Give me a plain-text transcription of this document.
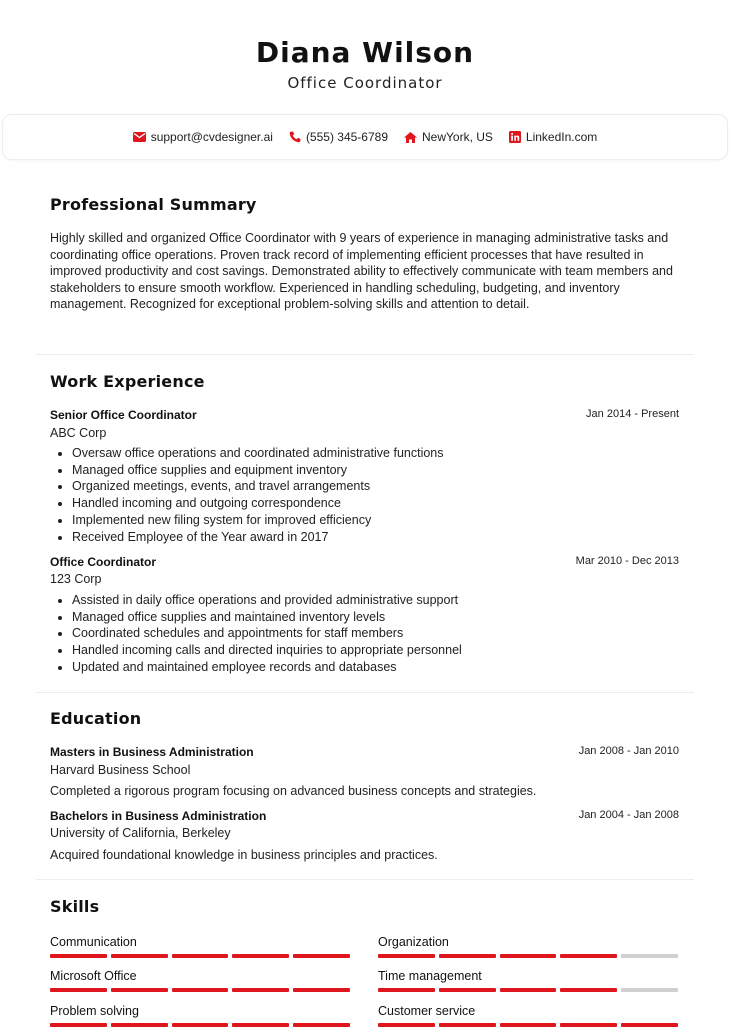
Diana Wilson
Office Coordinator
support@cvdesigner.ai	(555) 345-6789	NewYork, US	LinkedIn.com
Professional Summary
Highly skilled and organized Office Coordinator with 9 years of experience in managing administrative tasks and coordinating office operations. Proven track record of implementing efficient processes that have resulted in improved productivity and cost savings. Demonstrated ability to effectively communicate with team members and stakeholders to ensure smooth workflow. Experienced in handling scheduling, budgeting, and inventory management. Recognized for exceptional problem-solving skills and attention to detail.
Work Experience
Senior Office Coordinator	Jan 2014 - Present
ABC Corp
• Oversaw office operations and coordinated administrative functions
• Managed office supplies and equipment inventory
• Organized meetings, events, and travel arrangements
• Handled incoming and outgoing correspondence
• Implemented new filing system for improved efficiency
• Received Employee of the Year award in 2017
Office Coordinator	Mar 2010 - Dec 2013
123 Corp
• Assisted in daily office operations and provided administrative support
• Managed office supplies and maintained inventory levels
• Coordinated schedules and appointments for staff members
• Handled incoming calls and directed inquiries to appropriate personnel
• Updated and maintained employee records and databases
Education
Masters in Business Administration	Jan 2008 - Jan 2010
Harvard Business School
Completed a rigorous program focusing on advanced business concepts and strategies.
Bachelors in Business Administration	Jan 2004 - Jan 2008
University of California, Berkeley
Acquired foundational knowledge in business principles and practices.
Skills
Communication	Organization
Microsoft Office	Time management
Problem solving	Customer service
